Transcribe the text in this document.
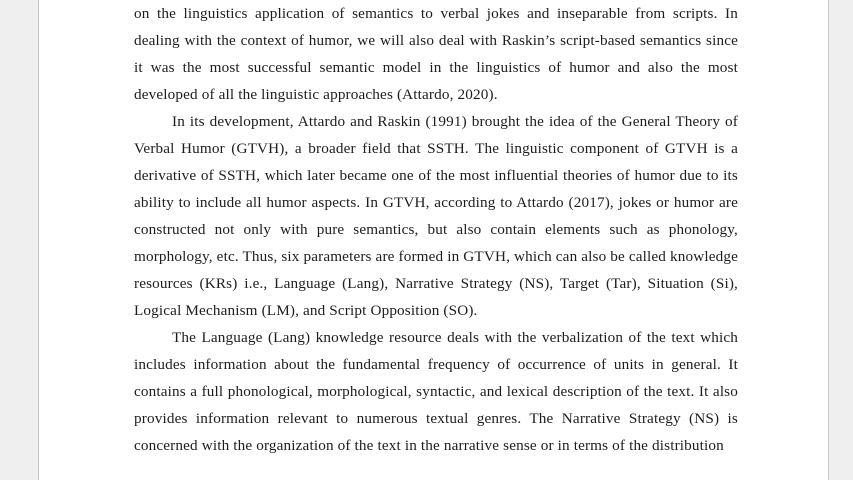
on the linguistics application of semantics to verbal jokes and inseparable from scripts. In dealing with the context of humor, we will also deal with Raskin’s script-based semantics since it was the most successful semantic model in the linguistics of humor and also the most developed of all the linguistic approaches (Attardo, 2020).

In its development, Attardo and Raskin (1991) brought the idea of the General Theory of Verbal Humor (GTVH), a broader field that SSTH. The linguistic component of GTVH is a derivative of SSTH, which later became one of the most influential theories of humor due to its ability to include all humor aspects. In GTVH, according to Attardo (2017), jokes or humor are constructed not only with pure semantics, but also contain elements such as phonology, morphology, etc. Thus, six parameters are formed in GTVH, which can also be called knowledge resources (KRs) i.e., Language (Lang), Narrative Strategy (NS), Target (Tar), Situation (Si), Logical Mechanism (LM), and Script Opposition (SO).

The Language (Lang) knowledge resource deals with the verbalization of the text which includes information about the fundamental frequency of occurrence of units in general. It contains a full phonological, morphological, syntactic, and lexical description of the text. It also provides information relevant to numerous textual genres. The Narrative Strategy (NS) is concerned with the organization of the text in the narrative sense or in terms of the distribution
